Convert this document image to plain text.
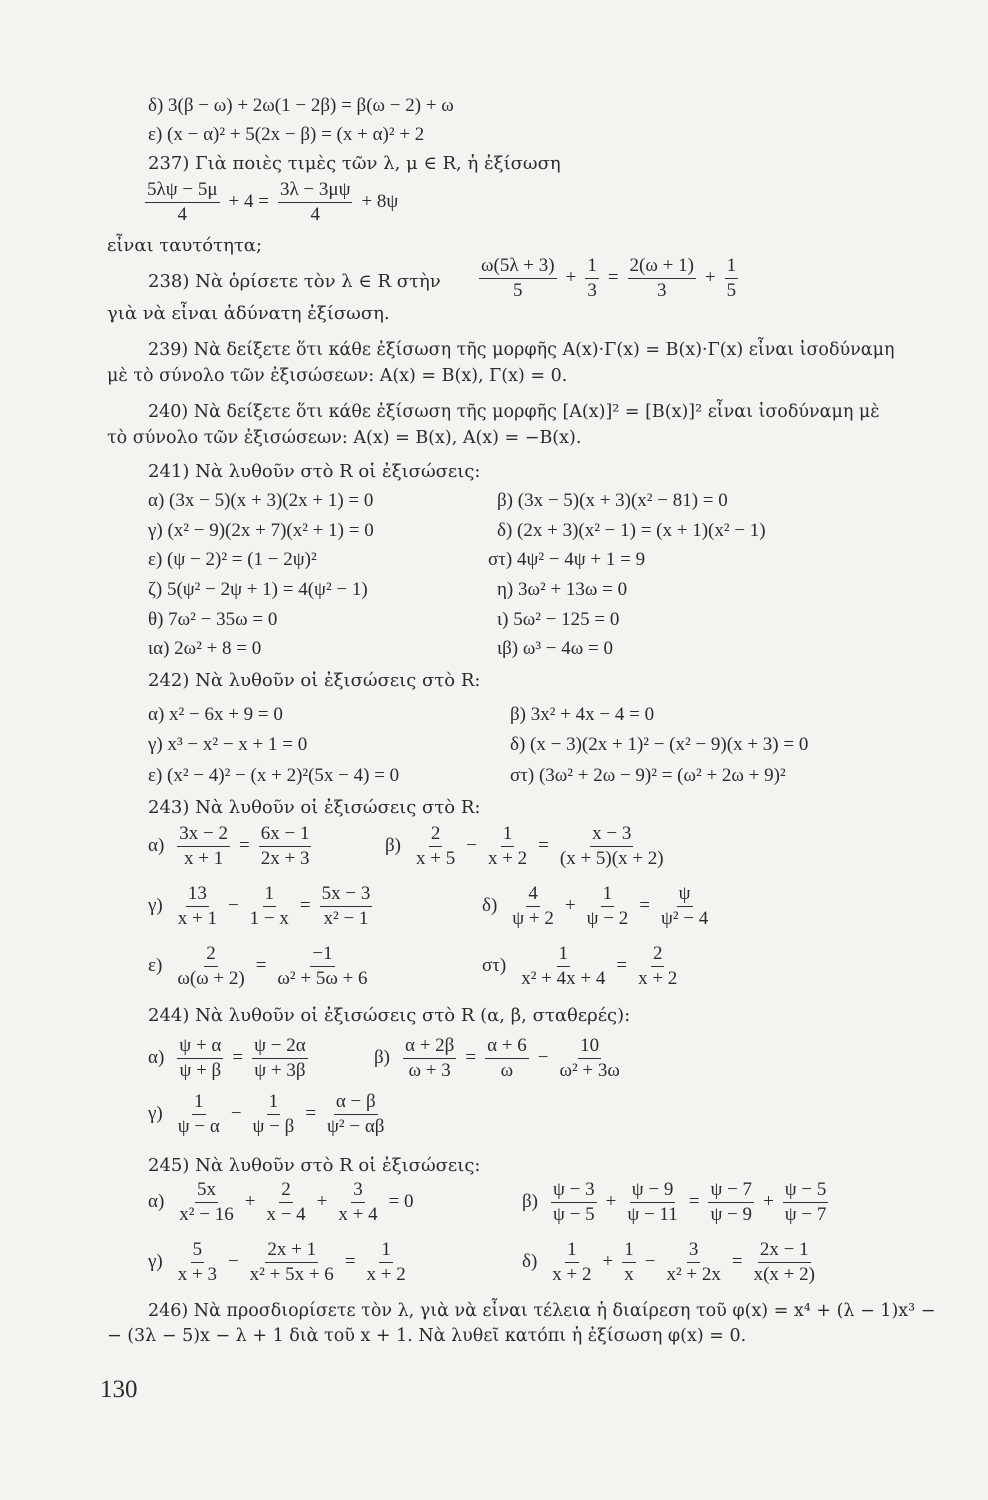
δ) 3(β − ω) + 2ω(1 − 2β) = β(ω − 2) + ω
ε) (x − α)² + 5(2x − β) = (x + α)² + 2
237) Γιὰ ποιὲς τιμὲς τῶν λ, μ ∈ R, ἡ ἐξίσωση
$\frac{5\lambda\psi - 5\mu}{4} + 4 = \frac{3\lambda - 3\mu\psi}{4} + 8\psi$
εἶναι ταυτότητα;
238) Νὰ ὁρίσετε τὸν λ ∈ R στὴν $\frac{\omega(5\lambda + 3)}{5} + \frac{1}{3} = \frac{2(\omega + 1)}{3} + \frac{1}{5}$
γιὰ νὰ εἶναι ἀδύνατη ἐξίσωση.
239) Νὰ δείξετε ὅτι κάθε ἐξίσωση τῆς μορφῆς A(x)·Γ(x) = B(x)·Γ(x) εἶναι ἰσοδύναμη
μὲ τὸ σύνολο τῶν ἐξισώσεων: A(x) = B(x), Γ(x) = 0.
240) Νὰ δείξετε ὅτι κάθε ἐξίσωση τῆς μορφῆς [A(x)]² = [B(x)]² εἶναι ἰσοδύναμη μὲ
τὸ σύνολο τῶν ἐξισώσεων: A(x) = B(x), A(x) = −B(x).
241) Νὰ λυθοῦν στὸ R οἱ ἐξισώσεις:
α) (3x − 5)(x + 3)(2x + 1) = 0	β) (3x − 5)(x + 3)(x² − 81) = 0
γ) (x² − 9)(2x + 7)(x² + 1) = 0	δ) (2x + 3)(x² − 1) = (x + 1)(x² − 1)
ε) (ψ − 2)² = (1 − 2ψ)²	στ) 4ψ² − 4ψ + 1 = 9
ζ) 5(ψ² − 2ψ + 1) = 4(ψ² − 1)	η) 3ω² + 13ω = 0
θ) 7ω² − 35ω = 0	ι) 5ω² − 125 = 0
ια) 2ω² + 8 = 0	ιβ) ω³ − 4ω = 0
242) Νὰ λυθοῦν οἱ ἐξισώσεις στὸ R:
α) x² − 6x + 9 = 0	β) 3x² + 4x − 4 = 0
γ) x³ − x² − x + 1 = 0	δ) (x − 3)(2x + 1)² − (x² − 9)(x + 3) = 0
ε) (x² − 4)² − (x + 2)²(5x − 4) = 0	στ) (3ω² + 2ω − 9)² = (ω² + 2ω + 9)²
243) Νὰ λυθοῦν οἱ ἐξισώσεις στὸ R:
$\alpha) \frac{3x - 2}{x + 1} = \frac{6x - 1}{2x + 3}$	$\beta) \frac{2}{x + 5} - \frac{1}{x + 2} = \frac{x - 3}{(x + 5)(x + 2)}$
$\gamma) \frac{13}{x + 1} - \frac{1}{1 - x} = \frac{5x - 3}{\text{x² − 1}}$	$\delta) \frac{4}{\psi + 2} + \frac{1}{\psi - 2} = \frac{\psi}{\text{ψ² − 4}}$
$\varepsilon) \frac{2}{\omega(\omega + 2)} = \frac{-1}{\text{ω² + 5ω + 6}}$	$\sigma\tau) \frac{1}{\text{x² + 4x + 4}} = \frac{2}{x + 2}$
244) Νὰ λυθοῦν οἱ ἐξισώσεις στὸ R (α, β, σταθερές):
$\alpha) \frac{\psi + \alpha}{\psi + \beta} = \frac{\psi - 2\alpha}{\psi + 3\beta}$	$\beta) \frac{\alpha + 2\beta}{\omega + 3} = \frac{\alpha + 6}{\omega} - \frac{10}{\text{ω² + 3ω}}$
$\gamma) \frac{1}{\psi - \alpha} - \frac{1}{\psi - \beta} = \frac{\alpha - \beta}{\text{ψ² − αβ}}$
245) Νὰ λυθοῦν στὸ R οἱ ἐξισώσεις:
$\alpha) \frac{5x}{\text{x² − 16}} + \frac{2}{x - 4} + \frac{3}{x + 4} = 0$	$\beta) \frac{\psi - 3}{\psi - 5} + \frac{\psi - 9}{\psi - 11} = \frac{\psi - 7}{\psi - 9} + \frac{\psi - 5}{\psi - 7}$
$\gamma) \frac{5}{x + 3} - \frac{2x + 1}{\text{x² + 5x + 6}} = \frac{1}{x + 2}$	$\delta) \frac{1}{x + 2} + \frac{1}{x} - \frac{3}{\text{x² + 2x}} = \frac{2x - 1}{x(x + 2)}$
246) Νὰ προσδιορίσετε τὸν λ, γιὰ νὰ εἶναι τέλεια ἡ διαίρεση τοῦ φ(x) = x⁴ + (λ − 1)x³ −
− (3λ − 5)x − λ + 1 διὰ τοῦ x + 1. Νὰ λυθεῖ κατόπι ἡ ἐξίσωση φ(x) = 0.
130
